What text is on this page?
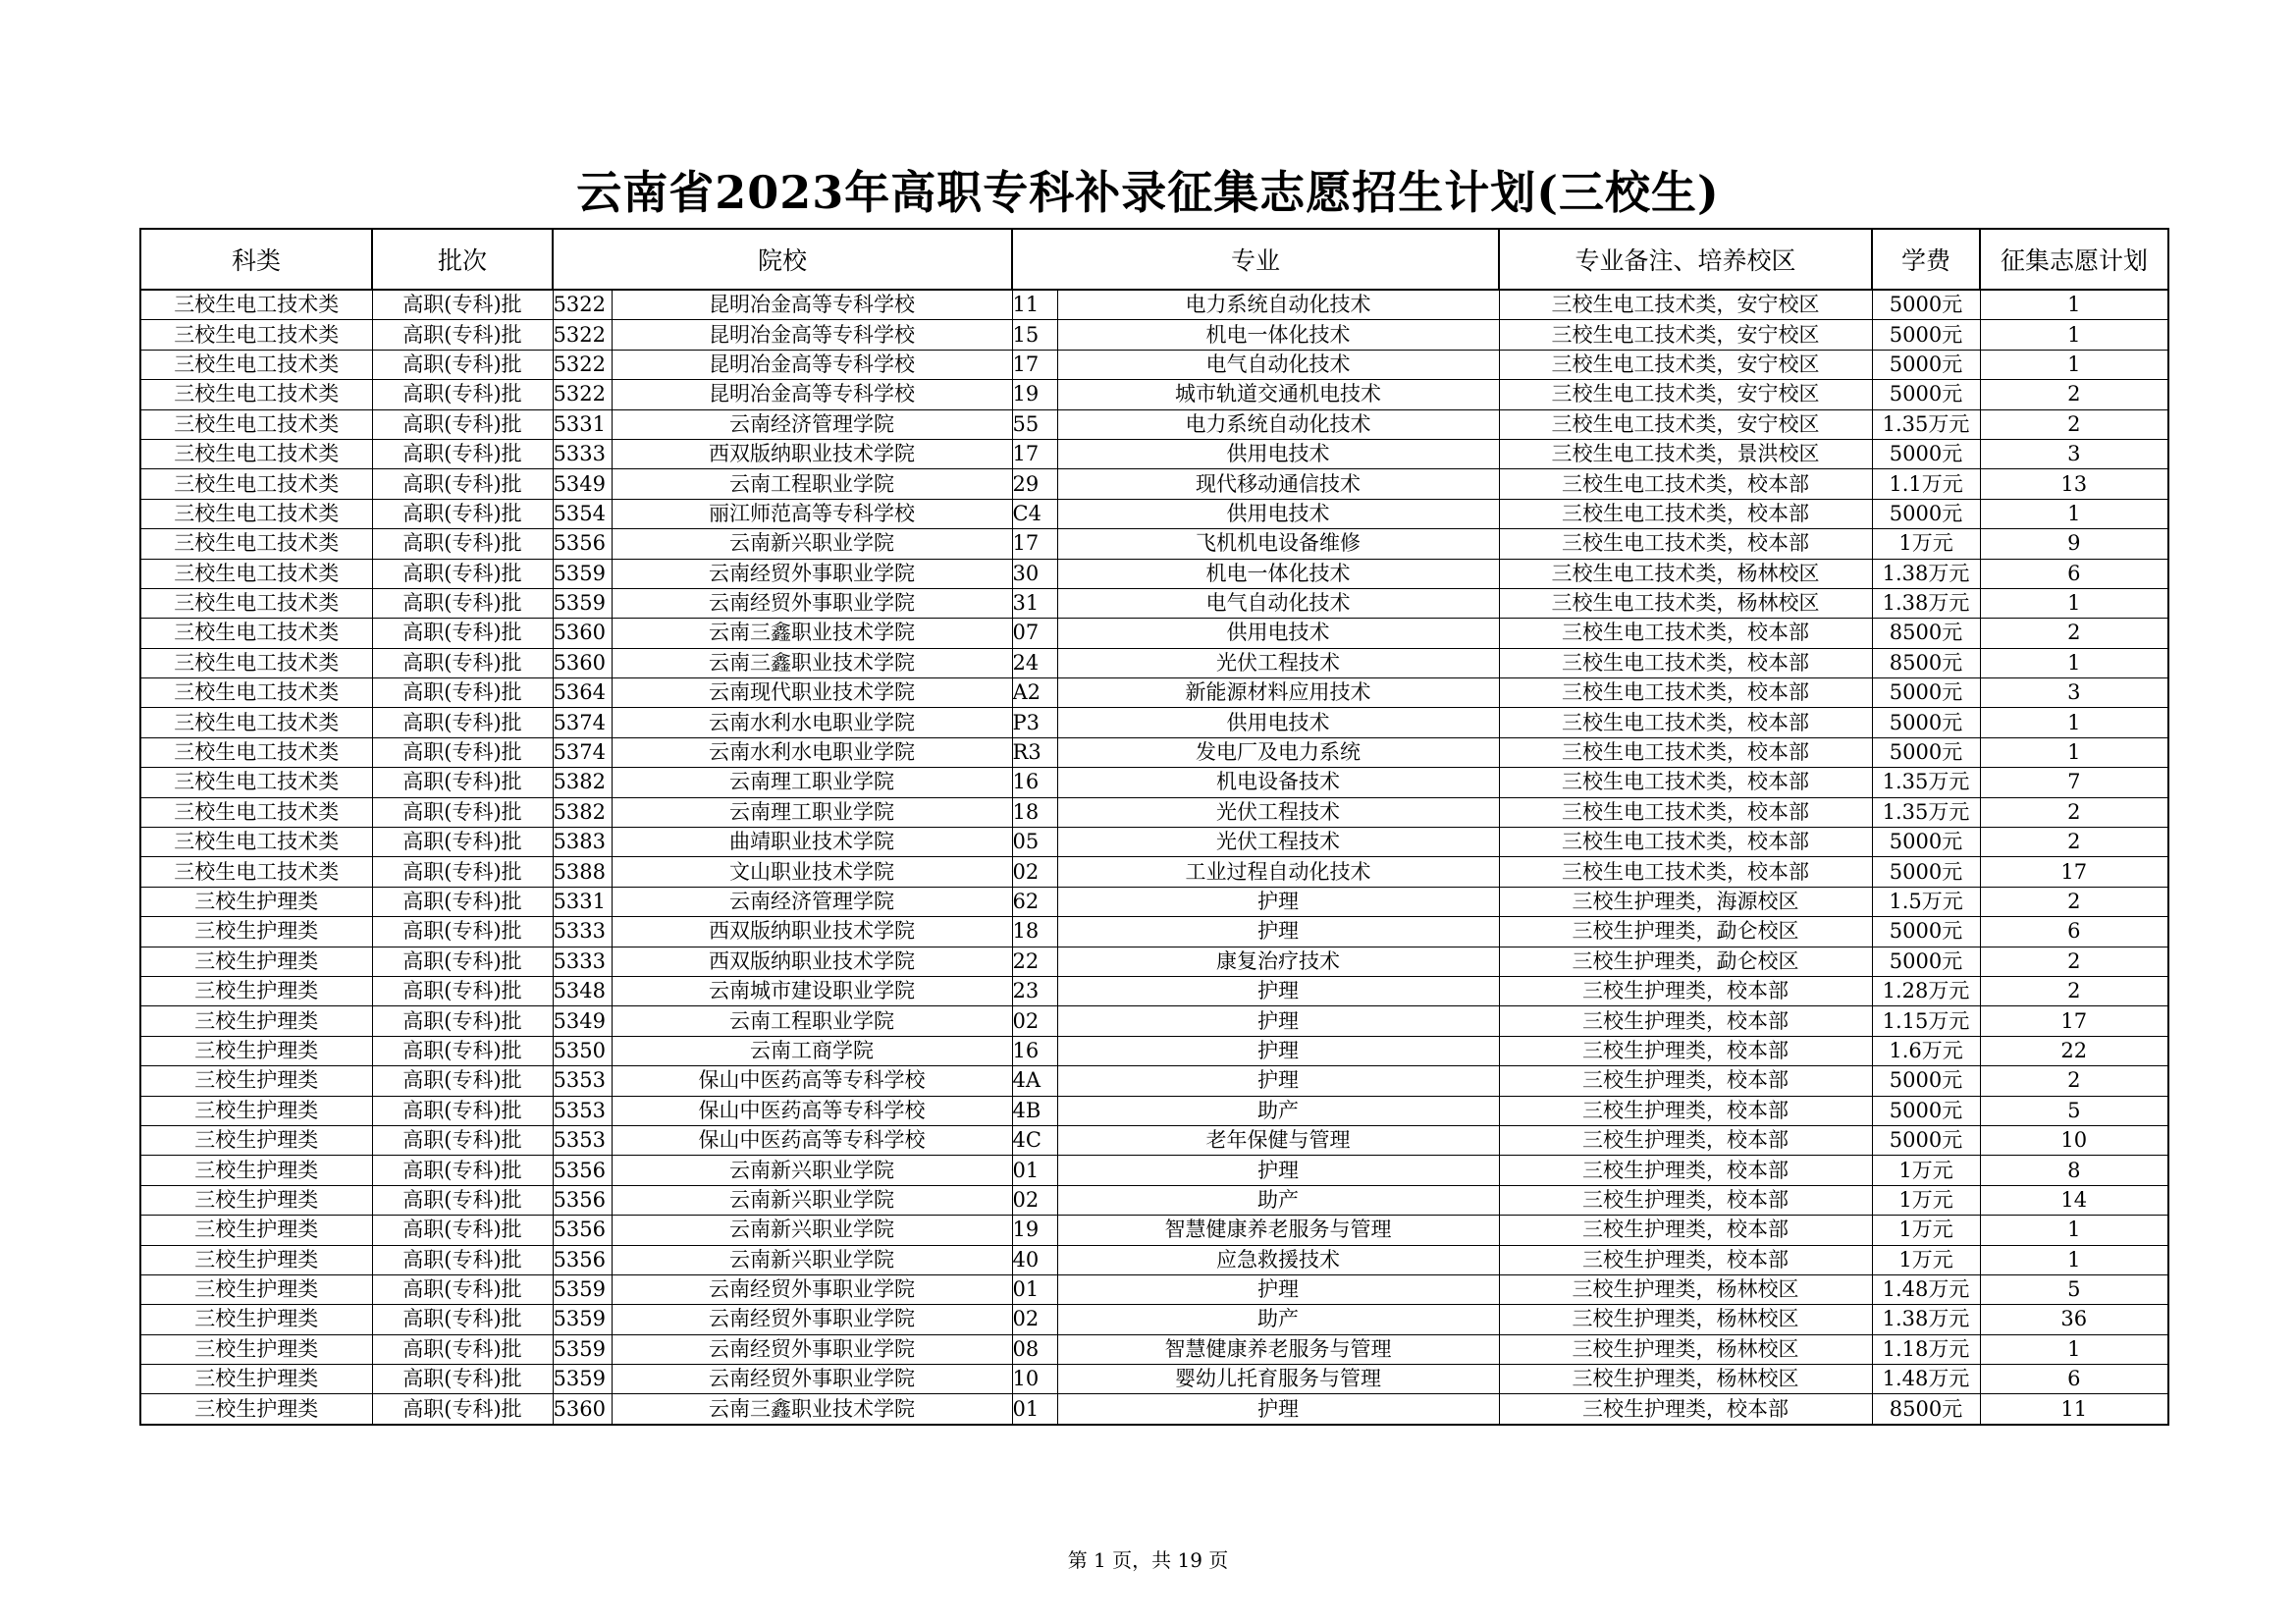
云南省2023年高职专科补录征集志愿招生计划(三校生)
科类	批次	院校		专业		专业备注、培养校区	学费	征集志愿计划
三校生电工技术类	高职(专科)批	5322	昆明冶金高等专科学校	11	电力系统自动化技术	三校生电工技术类，安宁校区	5000元	1
三校生电工技术类	高职(专科)批	5322	昆明冶金高等专科学校	15	机电一体化技术	三校生电工技术类，安宁校区	5000元	1
三校生电工技术类	高职(专科)批	5322	昆明冶金高等专科学校	17	电气自动化技术	三校生电工技术类，安宁校区	5000元	1
三校生电工技术类	高职(专科)批	5322	昆明冶金高等专科学校	19	城市轨道交通机电技术	三校生电工技术类，安宁校区	5000元	2
三校生电工技术类	高职(专科)批	5331	云南经济管理学院	55	电力系统自动化技术	三校生电工技术类，安宁校区	1.35万元	2
三校生电工技术类	高职(专科)批	5333	西双版纳职业技术学院	17	供用电技术	三校生电工技术类，景洪校区	5000元	3
三校生电工技术类	高职(专科)批	5349	云南工程职业学院	29	现代移动通信技术	三校生电工技术类，校本部	1.1万元	13
三校生电工技术类	高职(专科)批	5354	丽江师范高等专科学校	C4	供用电技术	三校生电工技术类，校本部	5000元	1
三校生电工技术类	高职(专科)批	5356	云南新兴职业学院	17	飞机机电设备维修	三校生电工技术类，校本部	1万元	9
三校生电工技术类	高职(专科)批	5359	云南经贸外事职业学院	30	机电一体化技术	三校生电工技术类，杨林校区	1.38万元	6
三校生电工技术类	高职(专科)批	5359	云南经贸外事职业学院	31	电气自动化技术	三校生电工技术类，杨林校区	1.38万元	1
三校生电工技术类	高职(专科)批	5360	云南三鑫职业技术学院	07	供用电技术	三校生电工技术类，校本部	8500元	2
三校生电工技术类	高职(专科)批	5360	云南三鑫职业技术学院	24	光伏工程技术	三校生电工技术类，校本部	8500元	1
三校生电工技术类	高职(专科)批	5364	云南现代职业技术学院	A2	新能源材料应用技术	三校生电工技术类，校本部	5000元	3
三校生电工技术类	高职(专科)批	5374	云南水利水电职业学院	P3	供用电技术	三校生电工技术类，校本部	5000元	1
三校生电工技术类	高职(专科)批	5374	云南水利水电职业学院	R3	发电厂及电力系统	三校生电工技术类，校本部	5000元	1
三校生电工技术类	高职(专科)批	5382	云南理工职业学院	16	机电设备技术	三校生电工技术类，校本部	1.35万元	7
三校生电工技术类	高职(专科)批	5382	云南理工职业学院	18	光伏工程技术	三校生电工技术类，校本部	1.35万元	2
三校生电工技术类	高职(专科)批	5383	曲靖职业技术学院	05	光伏工程技术	三校生电工技术类，校本部	5000元	2
三校生电工技术类	高职(专科)批	5388	文山职业技术学院	02	工业过程自动化技术	三校生电工技术类，校本部	5000元	17
三校生护理类	高职(专科)批	5331	云南经济管理学院	62	护理	三校生护理类，海源校区	1.5万元	2
三校生护理类	高职(专科)批	5333	西双版纳职业技术学院	18	护理	三校生护理类，勐仑校区	5000元	6
三校生护理类	高职(专科)批	5333	西双版纳职业技术学院	22	康复治疗技术	三校生护理类，勐仑校区	5000元	2
三校生护理类	高职(专科)批	5348	云南城市建设职业学院	23	护理	三校生护理类，校本部	1.28万元	2
三校生护理类	高职(专科)批	5349	云南工程职业学院	02	护理	三校生护理类，校本部	1.15万元	17
三校生护理类	高职(专科)批	5350	云南工商学院	16	护理	三校生护理类，校本部	1.6万元	22
三校生护理类	高职(专科)批	5353	保山中医药高等专科学校	4A	护理	三校生护理类，校本部	5000元	2
三校生护理类	高职(专科)批	5353	保山中医药高等专科学校	4B	助产	三校生护理类，校本部	5000元	5
三校生护理类	高职(专科)批	5353	保山中医药高等专科学校	4C	老年保健与管理	三校生护理类，校本部	5000元	10
三校生护理类	高职(专科)批	5356	云南新兴职业学院	01	护理	三校生护理类，校本部	1万元	8
三校生护理类	高职(专科)批	5356	云南新兴职业学院	02	助产	三校生护理类，校本部	1万元	14
三校生护理类	高职(专科)批	5356	云南新兴职业学院	19	智慧健康养老服务与管理	三校生护理类，校本部	1万元	1
三校生护理类	高职(专科)批	5356	云南新兴职业学院	40	应急救援技术	三校生护理类，校本部	1万元	1
三校生护理类	高职(专科)批	5359	云南经贸外事职业学院	01	护理	三校生护理类，杨林校区	1.48万元	5
三校生护理类	高职(专科)批	5359	云南经贸外事职业学院	02	助产	三校生护理类，杨林校区	1.38万元	36
三校生护理类	高职(专科)批	5359	云南经贸外事职业学院	08	智慧健康养老服务与管理	三校生护理类，杨林校区	1.18万元	1
三校生护理类	高职(专科)批	5359	云南经贸外事职业学院	10	婴幼儿托育服务与管理	三校生护理类，杨林校区	1.48万元	6
三校生护理类	高职(专科)批	5360	云南三鑫职业技术学院	01	护理	三校生护理类，校本部	8500元	11
第 1 页，共 19 页
